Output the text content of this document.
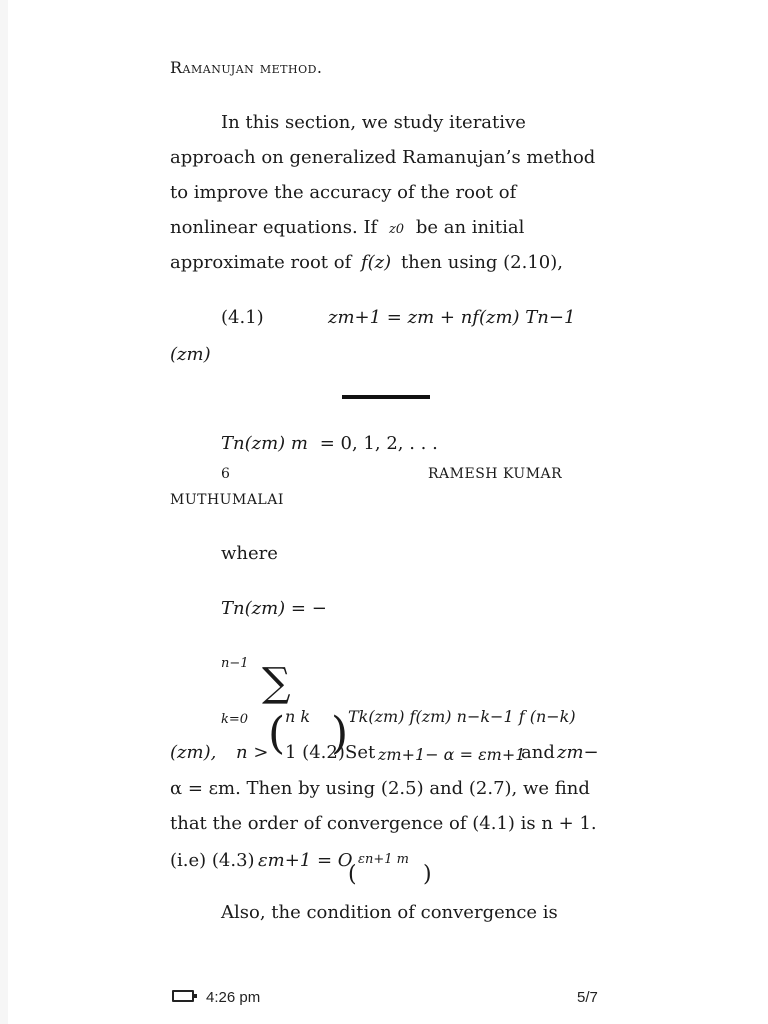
Ramanujan method.
In this section, we study iterative
approach on generalized Ramanujan’s method
to improve the accuracy of the root of
nonlinear equations. If z0 be an initial
approximate root of f(z) then using (2.10),
(4.1)	zm+1 = zm + nf(zm) Tn−1
(zm)
Tn(zm) m = 0, 1, 2, . . .
6	RAMESH KUMAR
MUTHUMALAI
where
Tn(zm) = −
n−1 ∑
k=0 n k Tk(zm) f(zm) n−k−1 f (n−k)
( )
(zm), n > 1 (4.2) Set zm+1− α = εm+1
and zm−
α = εm. Then by using (2.5) and (2.7), we find
that the order of convergence of (4.1) is n + 1.
(i.e) (4.3) εm+1 = O εn+1 m
(	)
Also, the condition of convergence is
4:26 pm	5/7
